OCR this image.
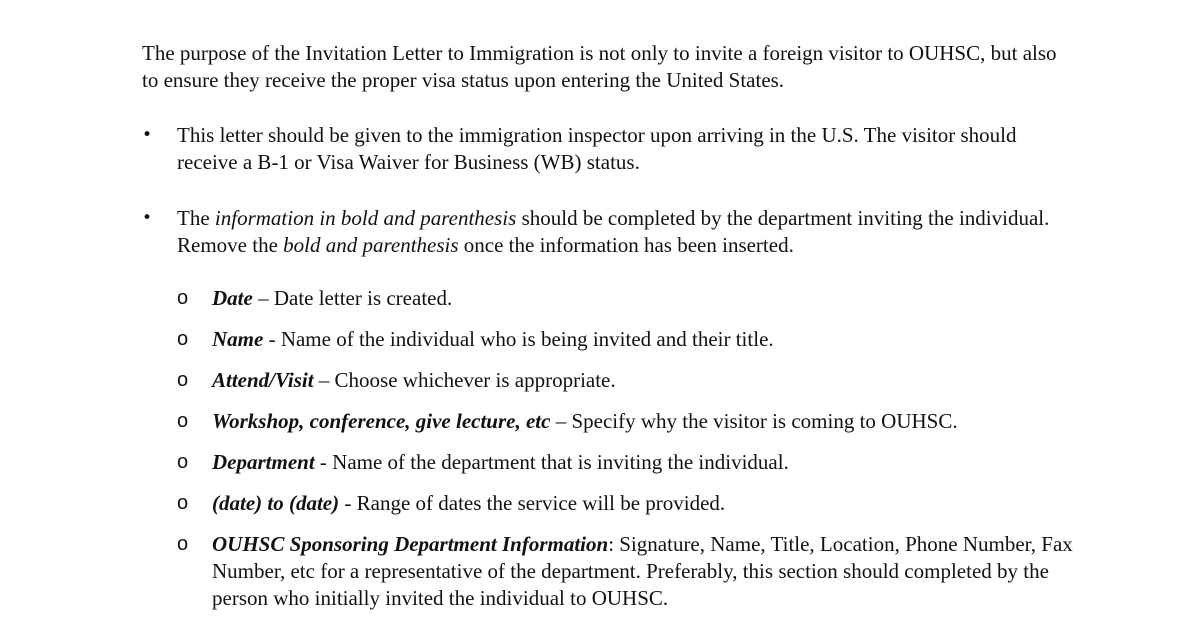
The purpose of the Invitation Letter to Immigration is not only to invite a foreign visitor to OUHSC, but also to ensure they receive the proper visa status upon entering the United States.

•	This letter should be given to the immigration inspector upon arriving in the U.S. The visitor should receive a B-1 or Visa Waiver for Business (WB) status.
•	The information in bold and parenthesis should be completed by the department inviting the individual. Remove the bold and parenthesis once the information has been inserted.
o Date – Date letter is created.
o Name - Name of the individual who is being invited and their title.
o Attend/Visit – Choose whichever is appropriate.
o Workshop, conference, give lecture, etc – Specify why the visitor is coming to OUHSC.
o Department - Name of the department that is inviting the individual.
o (date) to (date) - Range of dates the service will be provided.
o OUHSC Sponsoring Department Information: Signature, Name, Title, Location, Phone Number, Fax Number, etc for a representative of the department. Preferably, this section should completed by the person who initially invited the individual to OUHSC.
